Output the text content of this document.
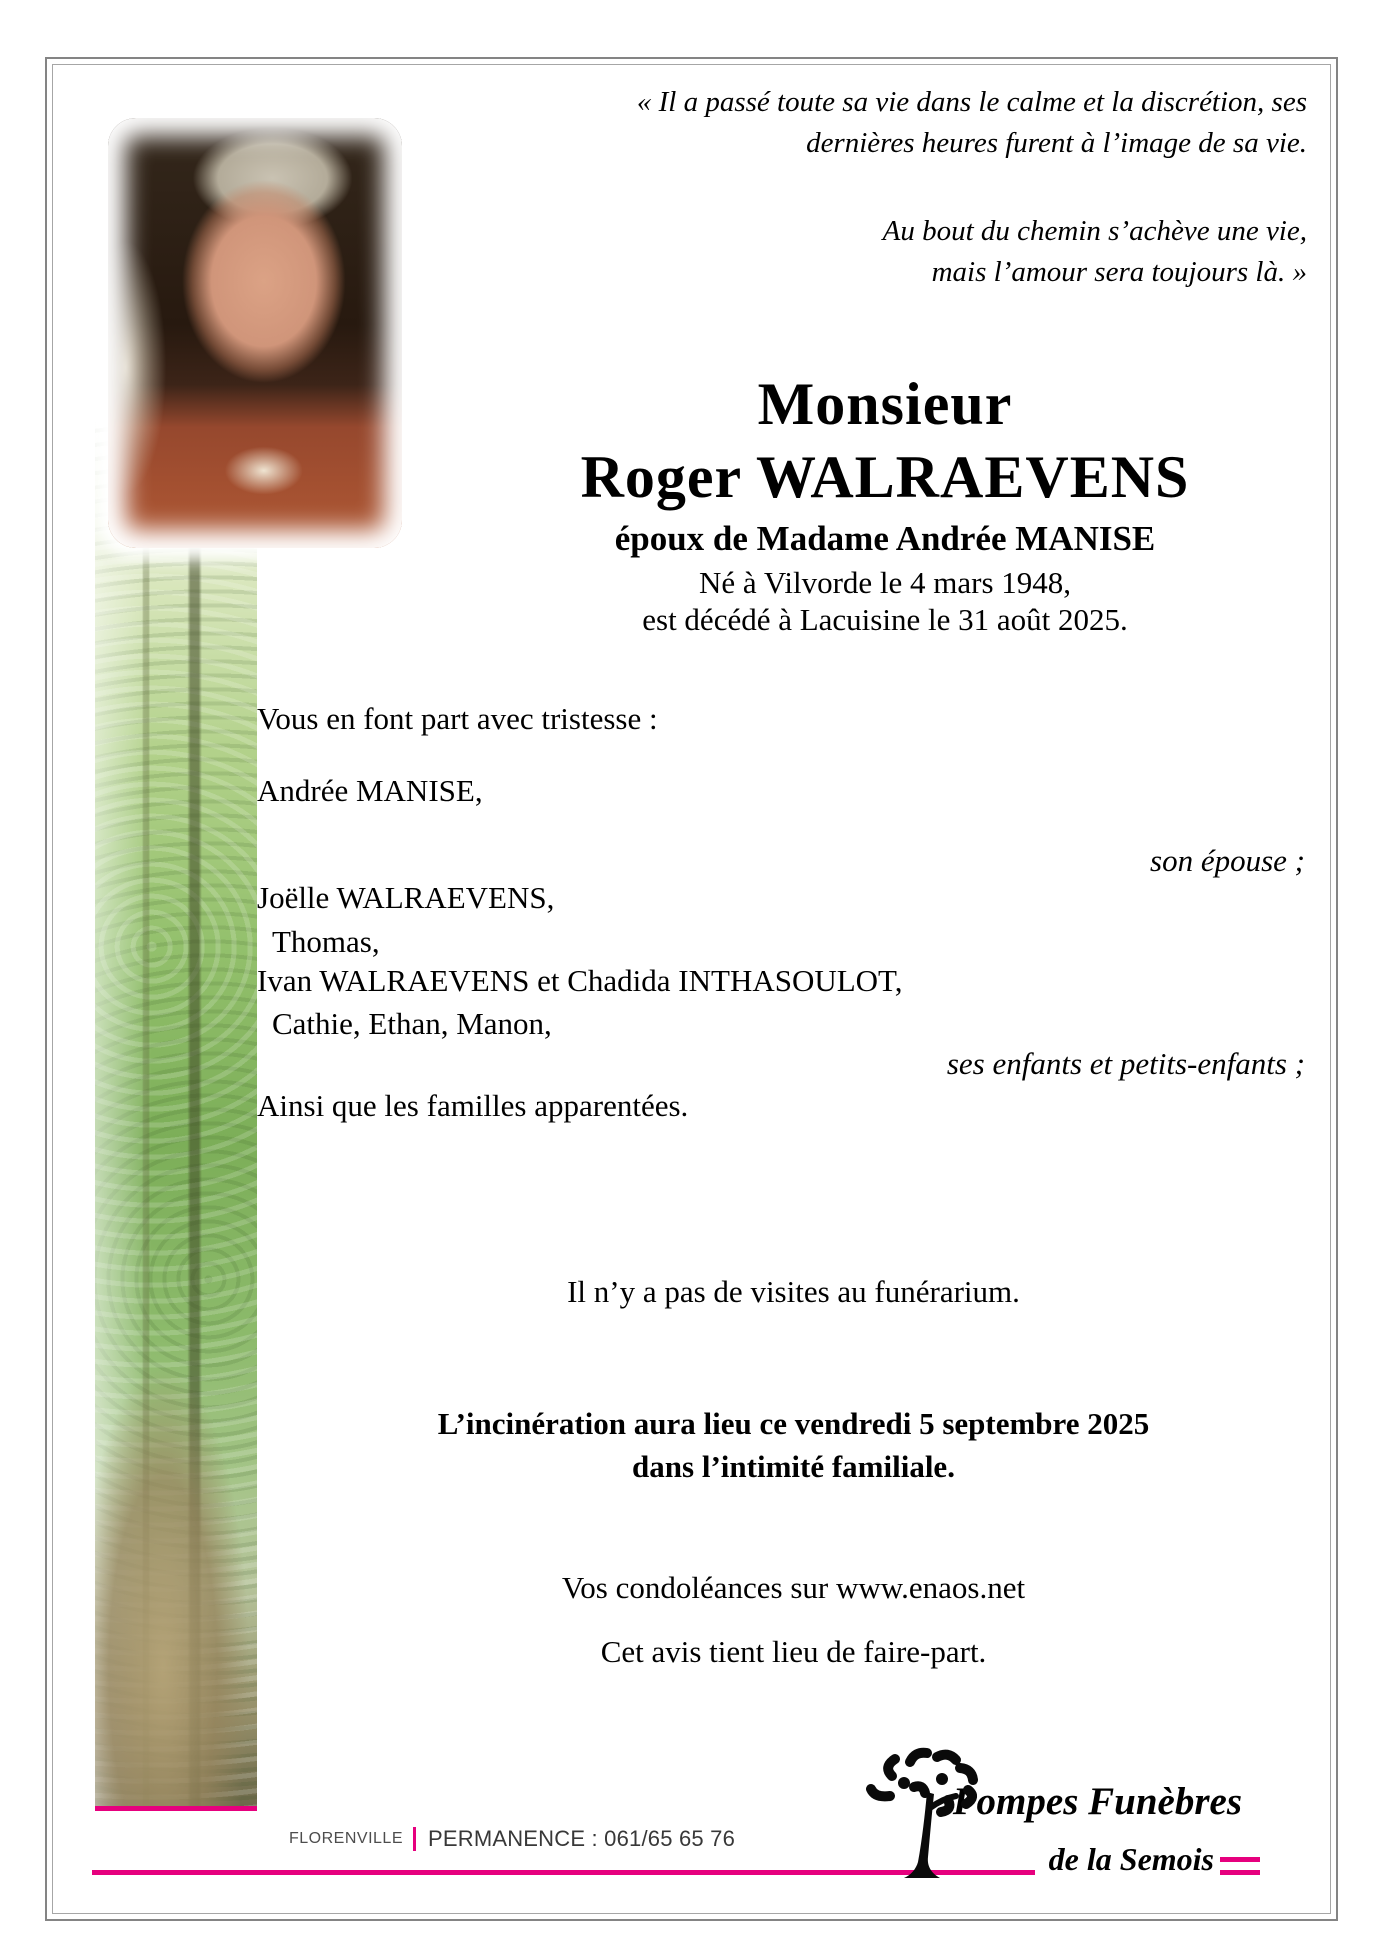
« Il a passé toute sa vie dans le calme et la discrétion, ses
dernières heures furent à l’image de sa vie.
Au bout du chemin s’achève une vie,
mais l’amour sera toujours là. »
Monsieur
Roger WALRAEVENS
époux de Madame Andrée MANISE
Né à Vilvorde le 4 mars 1948,
est décédé à Lacuisine le 31 août 2025.

Vous en font part avec tristesse :

Andrée MANISE,

son épouse ;

Joëlle WALRAEVENS,

Thomas,

Ivan WALRAEVENS et Chadida INTHASOULOT,

Cathie, Ethan, Manon,

ses enfants et petits-enfants ;

Ainsi que les familles apparentées.

Il n’y a pas de visites au funérarium.
L’incinération aura lieu ce vendredi 5 septembre 2025
dans l’intimité familiale.
Vos condoléances sur www.enaos.net
Cet avis tient lieu de faire-part.
FLORENVILLE PERMANENCE : 061/65 65 76
Pompes Funèbres
de la Semois
